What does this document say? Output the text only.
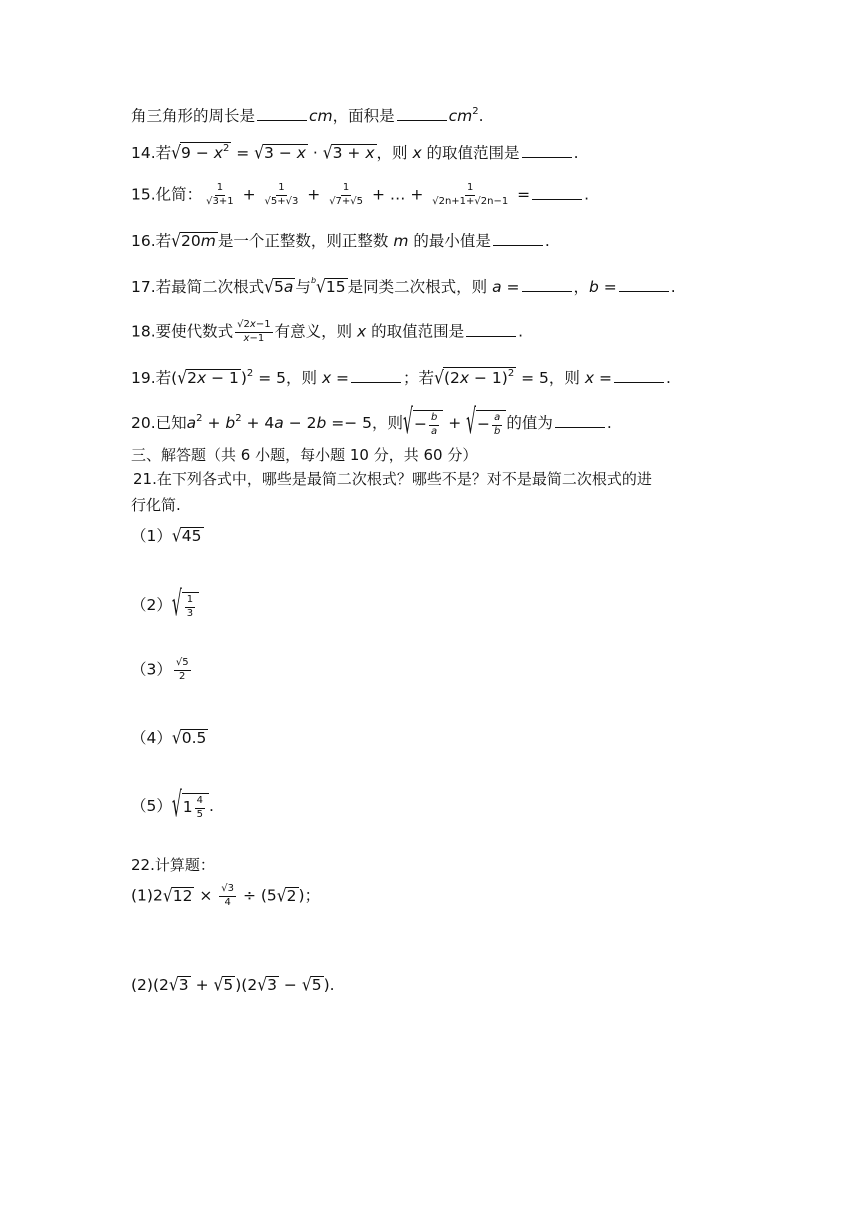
角三角形的周长是	cm，面积是	$cm^2$.
14.若$√9 - x^2 = √3 - x \cdot √3 + x$ ，则 x 的取值范围是	.
15.化简： $\frac{1}{√3+1} + \frac{1}{√5+√3} + \frac{1}{√7+√5}$ + … + $\frac{1}{√2n+1+√2n-1}$ =	.
16.若√20m 是一个正整数，则正整数 m 的最小值是	.
17.若最简二次根式√5a 与$^b$√15 是同类二次根式，则 a =	，b =	.
18.要使代数式 $\frac{√2x-1}{x-1}$ 有意义，则 x 的取值范围是	.
19.若(√2x − 1 )$^2$ = 5，则 x =	；若$√(2x - 1)^2 = 5$，则 x =	.
20.已知$a^2 + b^2 + 4a - 2b =- 5$，则 √ − $\frac{b}{a}$ + √ − $\frac{a}{b}$ 的值为	.
三、解答题（共 6 小题，每小题 10 分，共 60 分）
21.在下列各式中，哪些是最简二次根式？哪些不是？对不是最简二次根式的进
行化简.
（1）√45
（2） √ $\frac{1}{3}$
$(3) \frac{√5}{2}$
（4）√0.5
（5） √ $1 \frac{4}{5}$ .
22.计算题：
$(1)2√12 \times \frac{√3}{4} \div (5√2$ )；
(2)(2√3 + √5 )(2√3 − √5 ).
